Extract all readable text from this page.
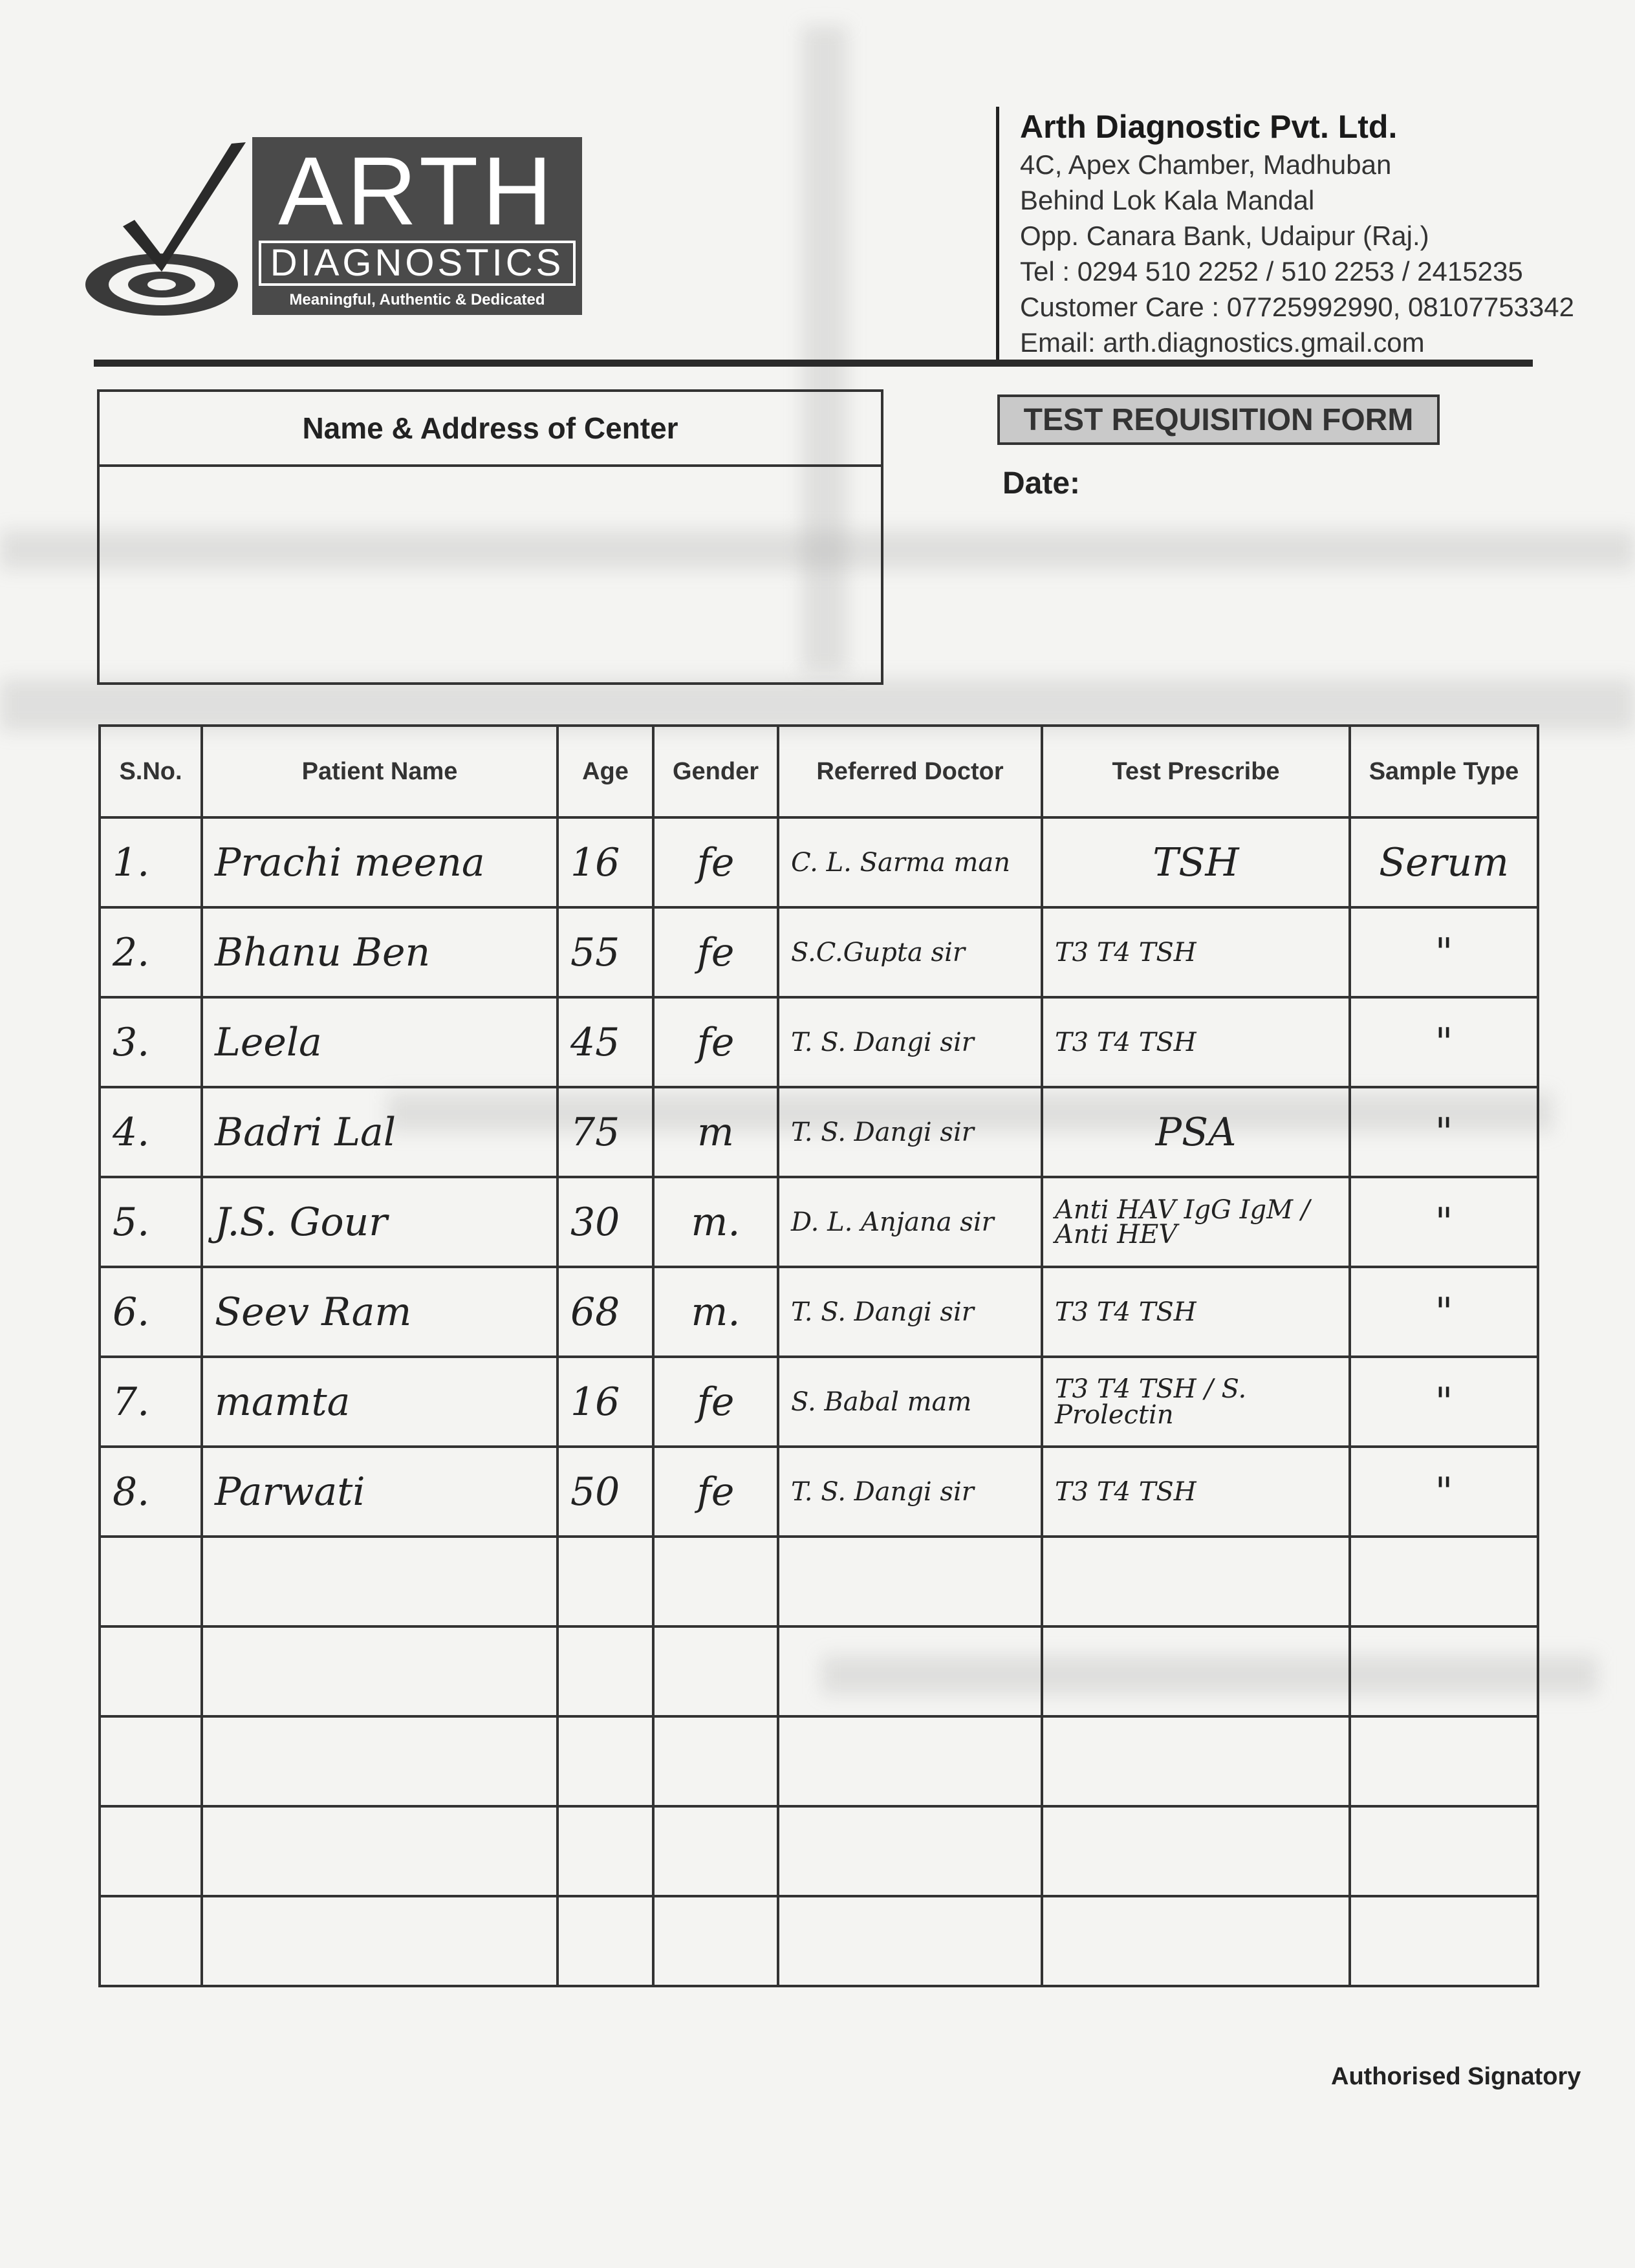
ARTH
DIAGNOSTICS
Meaningful, Authentic & Dedicated
Arth Diagnostic Pvt. Ltd.
4C, Apex Chamber, Madhuban
Behind Lok Kala Mandal
Opp. Canara Bank, Udaipur (Raj.)
Tel : 0294 510 2252 / 510 2253 / 2415235
Customer Care : 07725992990, 08107753342
Email: arth.diagnostics.gmail.com
Name & Address of Center	TEST REQUISITION FORM
Date:
S.No.	Patient Name	Age	Gender	Referred Doctor	Test Prescribe	Sample Type
1.	Prachi meena	16	fe	C. L. Sarma man	TSH	Serum
2.	Bhanu Ben	55	fe	S.C.Gupta sir	T3 T4 TSH	"
3.	Leela	45	fe	T. S. Dangi sir	T3 T4 TSH	"
4.	Badri Lal	75	m	T. S. Dangi sir	PSA	"
5.	J.S. Gour	30	m.	D. L. Anjana sir	Anti HAV IgG IgM / Anti HEV	"
6.	Seev Ram	68	m.	T. S. Dangi sir	T3 T4 TSH	"
7.	mamta	16	fe	S. Babal mam	T3 T4 TSH / S. Prolectin	"
8.	Parwati	50	fe	T. S. Dangi sir	T3 T4 TSH	"

Authorised Signatory
